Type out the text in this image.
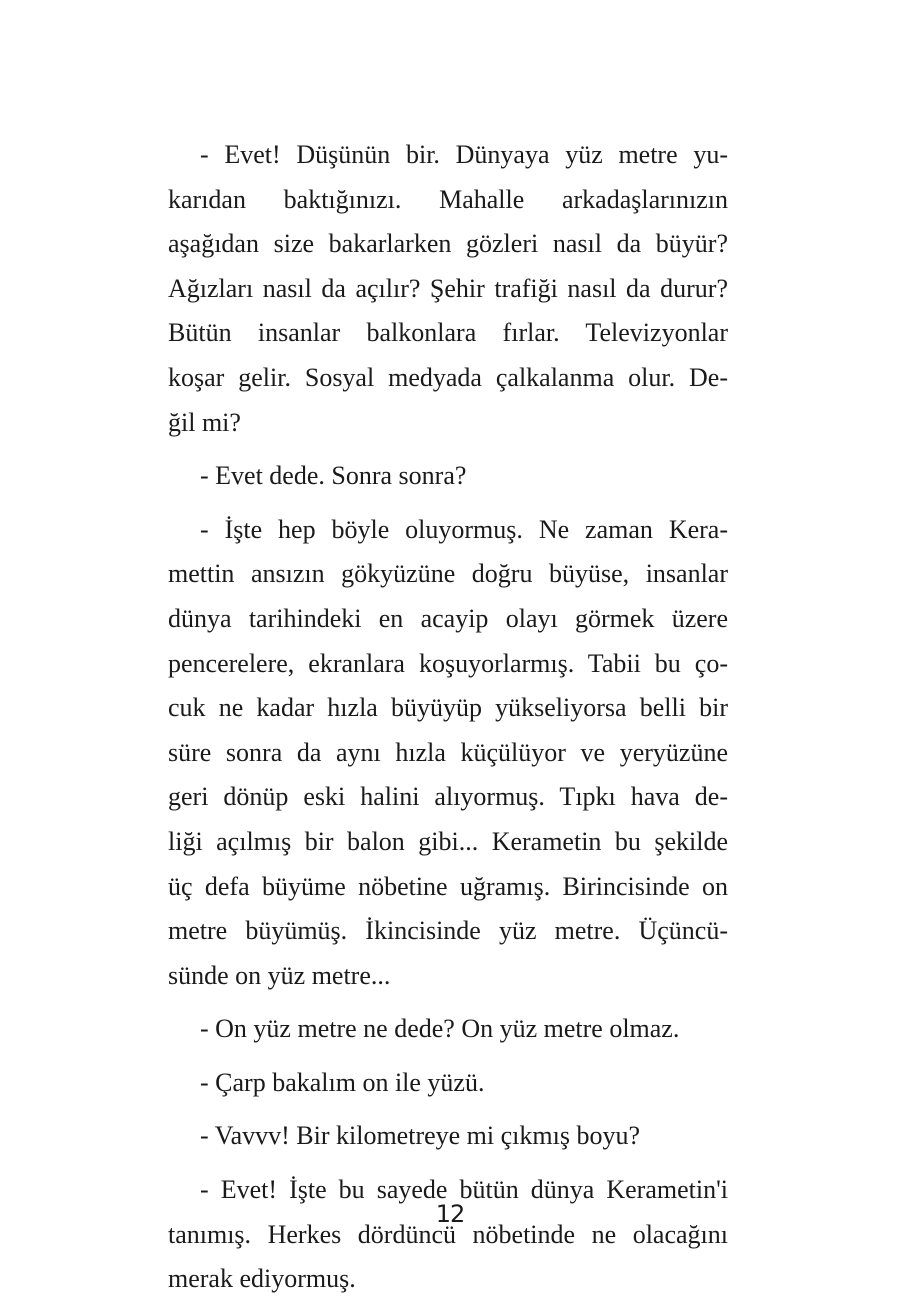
- Evet! Düşünün bir. Dünyaya yüz metre yu-
karıdan baktığınızı. Mahalle arkadaşlarınızın
aşağıdan size bakarlarken gözleri nasıl da büyür?
Ağızları nasıl da açılır? Şehir trafiği nasıl da durur?
Bütün insanlar balkonlara fırlar. Televizyonlar
koşar gelir. Sosyal medyada çalkalanma olur. De-
ğil mi?
- Evet dede. Sonra sonra?
- İşte hep böyle oluyormuş. Ne zaman Kera-
mettin ansızın gökyüzüne doğru büyüse, insanlar
dünya tarihindeki en acayip olayı görmek üzere
pencerelere, ekranlara koşuyorlarmış. Tabii bu ço-
cuk ne kadar hızla büyüyüp yükseliyorsa belli bir
süre sonra da aynı hızla küçülüyor ve yeryüzüne
geri dönüp eski halini alıyormuş. Tıpkı hava de-
liği açılmış bir balon gibi... Kerametin bu şekilde
üç defa büyüme nöbetine uğramış. Birincisinde on
metre büyümüş. İkincisinde yüz metre. Üçüncü-
sünde on yüz metre...
- On yüz metre ne dede? On yüz metre olmaz.
- Çarp bakalım on ile yüzü.
- Vavvv! Bir kilometreye mi çıkmış boyu?
- Evet! İşte bu sayede bütün dünya Kerametin'i
tanımış. Herkes dördüncü nöbetinde ne olacağını
merak ediyormuş.
12
